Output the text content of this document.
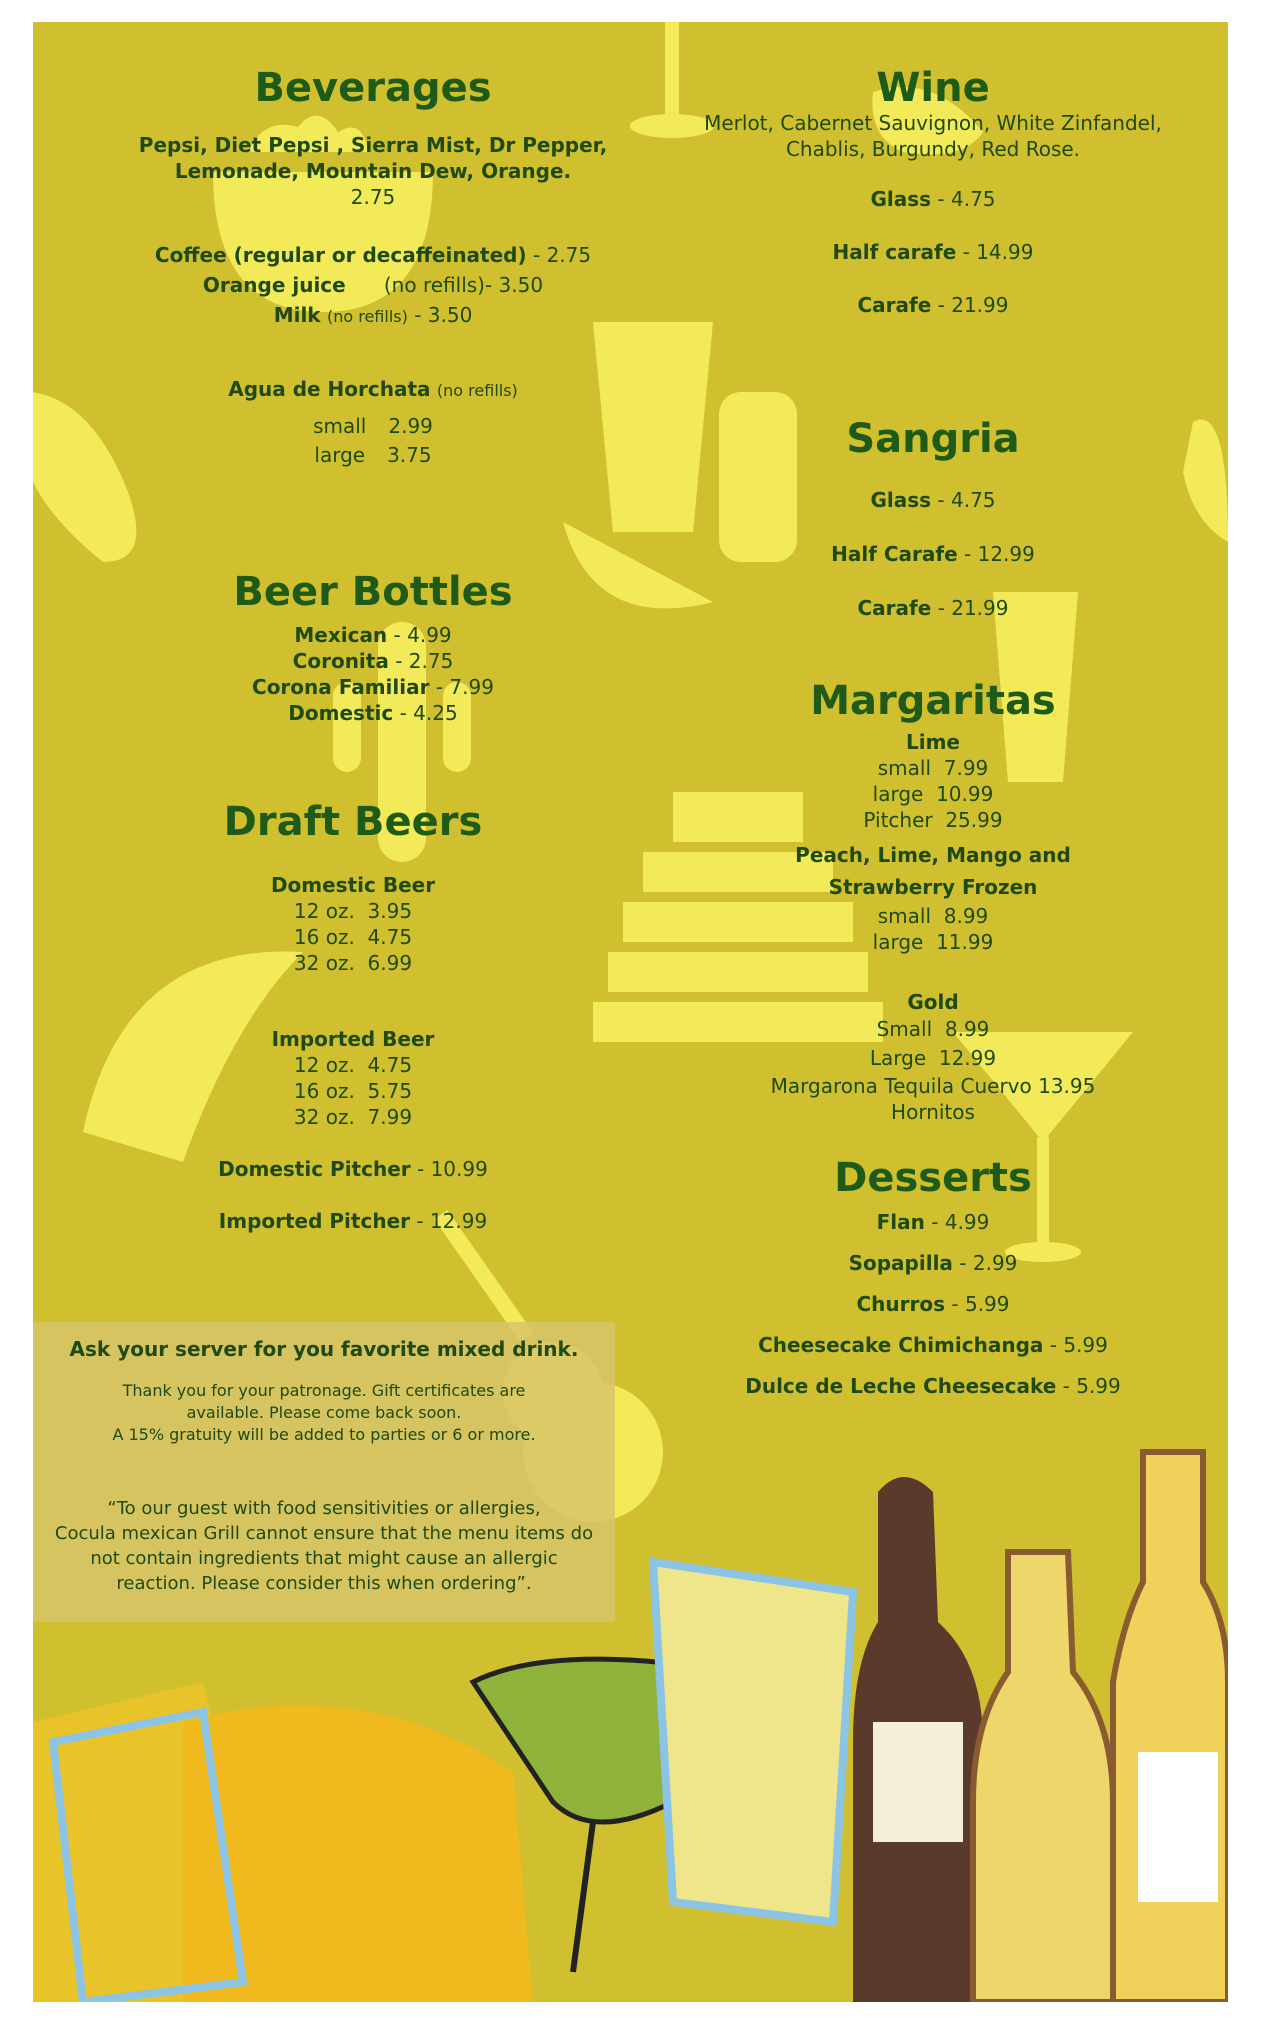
Beverages
Pepsi, Diet Pepsi , Sierra Mist, Dr Pepper,
Lemonade, Mountain Dew, Orange.
2.75
Coffee (regular or decaffeinated) - 2.75
Orange juice (no refills)- 3.50
Milk (no refills) - 3.50
Agua de Horchata (no refills)
small 2.99
large 3.75
Beer Bottles
Mexican - 4.99
Coronita - 2.75
Corona Familiar - 7.99
Domestic - 4.25
Draft Beers
Domestic Beer
12 oz. 3.95
16 oz. 4.75
32 oz. 6.99
Imported Beer
12 oz. 4.75
16 oz. 5.75
32 oz. 7.99
Domestic Pitcher - 10.99
Imported Pitcher - 12.99

Ask your server for you favorite mixed drink.

Thank you for your patronage. Gift certificates are

available. Please come back soon.

A 15% gratuity will be added to parties or 6 or more.

“To our guest with food sensitivities or allergies,

Cocula mexican Grill cannot ensure that the menu items do

not contain ingredients that might cause an allergic

reaction. Please consider this when ordering”.

Wine
Merlot, Cabernet Sauvignon, White Zinfandel,
Chablis, Burgundy, Red Rose.
Glass - 4.75
Half carafe - 14.99
Carafe - 21.99
Sangria
Glass - 4.75
Half Carafe - 12.99
Carafe - 21.99
Margaritas
Lime
small 7.99
large 10.99
Pitcher 25.99
Peach, Lime, Mango and
Strawberry Frozen
small 8.99
large 11.99
Gold
Small 8.99
Large 12.99
Margarona Tequila Cuervo 13.95
Hornitos
Desserts
Flan - 4.99
Sopapilla - 2.99
Churros - 5.99
Cheesecake Chimichanga - 5.99
Dulce de Leche Cheesecake - 5.99
